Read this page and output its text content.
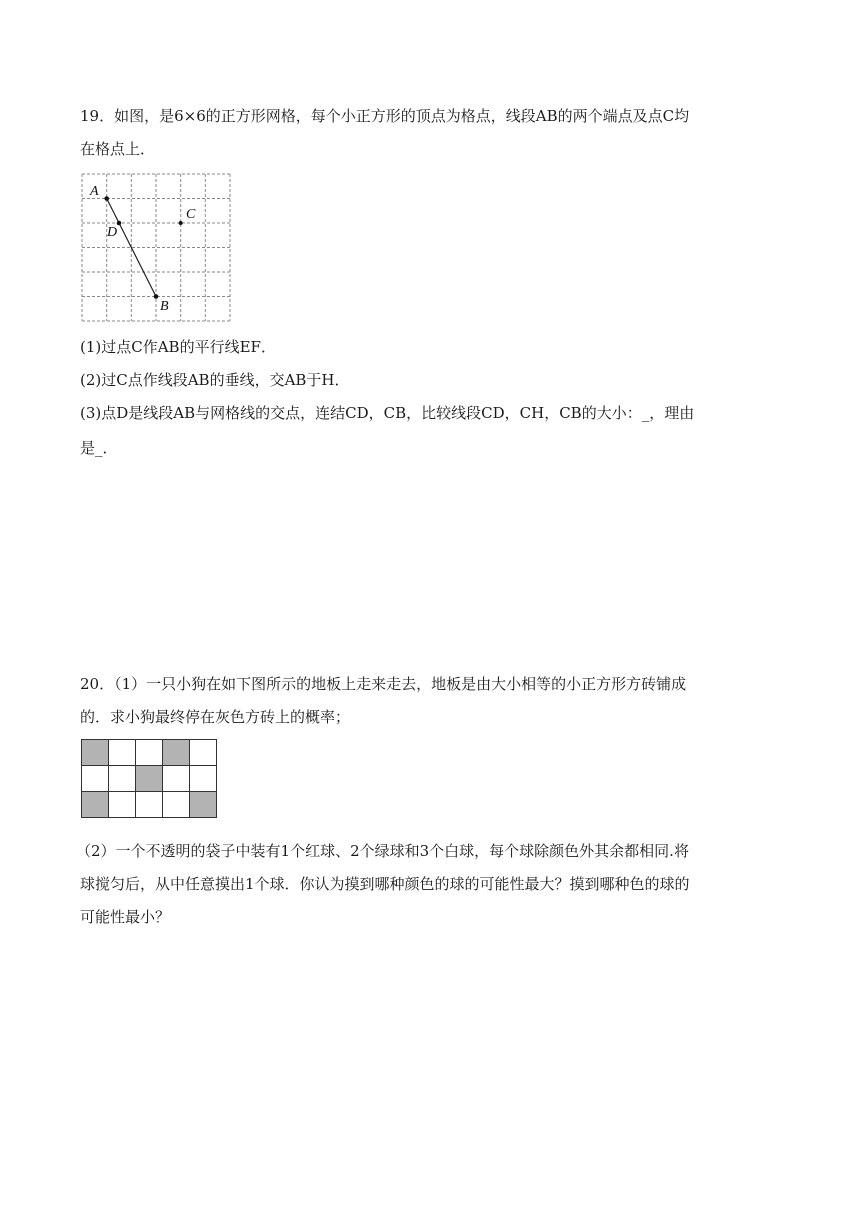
19．如图，是6×6的正方形网格，每个小正方形的顶点为格点，线段AB的两个端点及点C均
在格点上．
A
D
C
B
(1)过点C作AB的平行线EF．
(2)过C点作线段AB的垂线，交AB于H．
(3)点D是线段AB与网格线的交点，连结CD，CB，比较线段CD，CH，CB的大小：_，理由
是_．
20．（1）一只小狗在如下图所示的地板上走来走去，地板是由大小相等的小正方形方砖铺成
的．求小狗最终停在灰色方砖上的概率；

（2）一个不透明的袋子中装有1个红球、2个绿球和3个白球，每个球除颜色外其余都相同.将
球搅匀后，从中任意摸出1个球．你认为摸到哪种颜色的球的可能性最大？摸到哪种色的球的
可能性最小？
